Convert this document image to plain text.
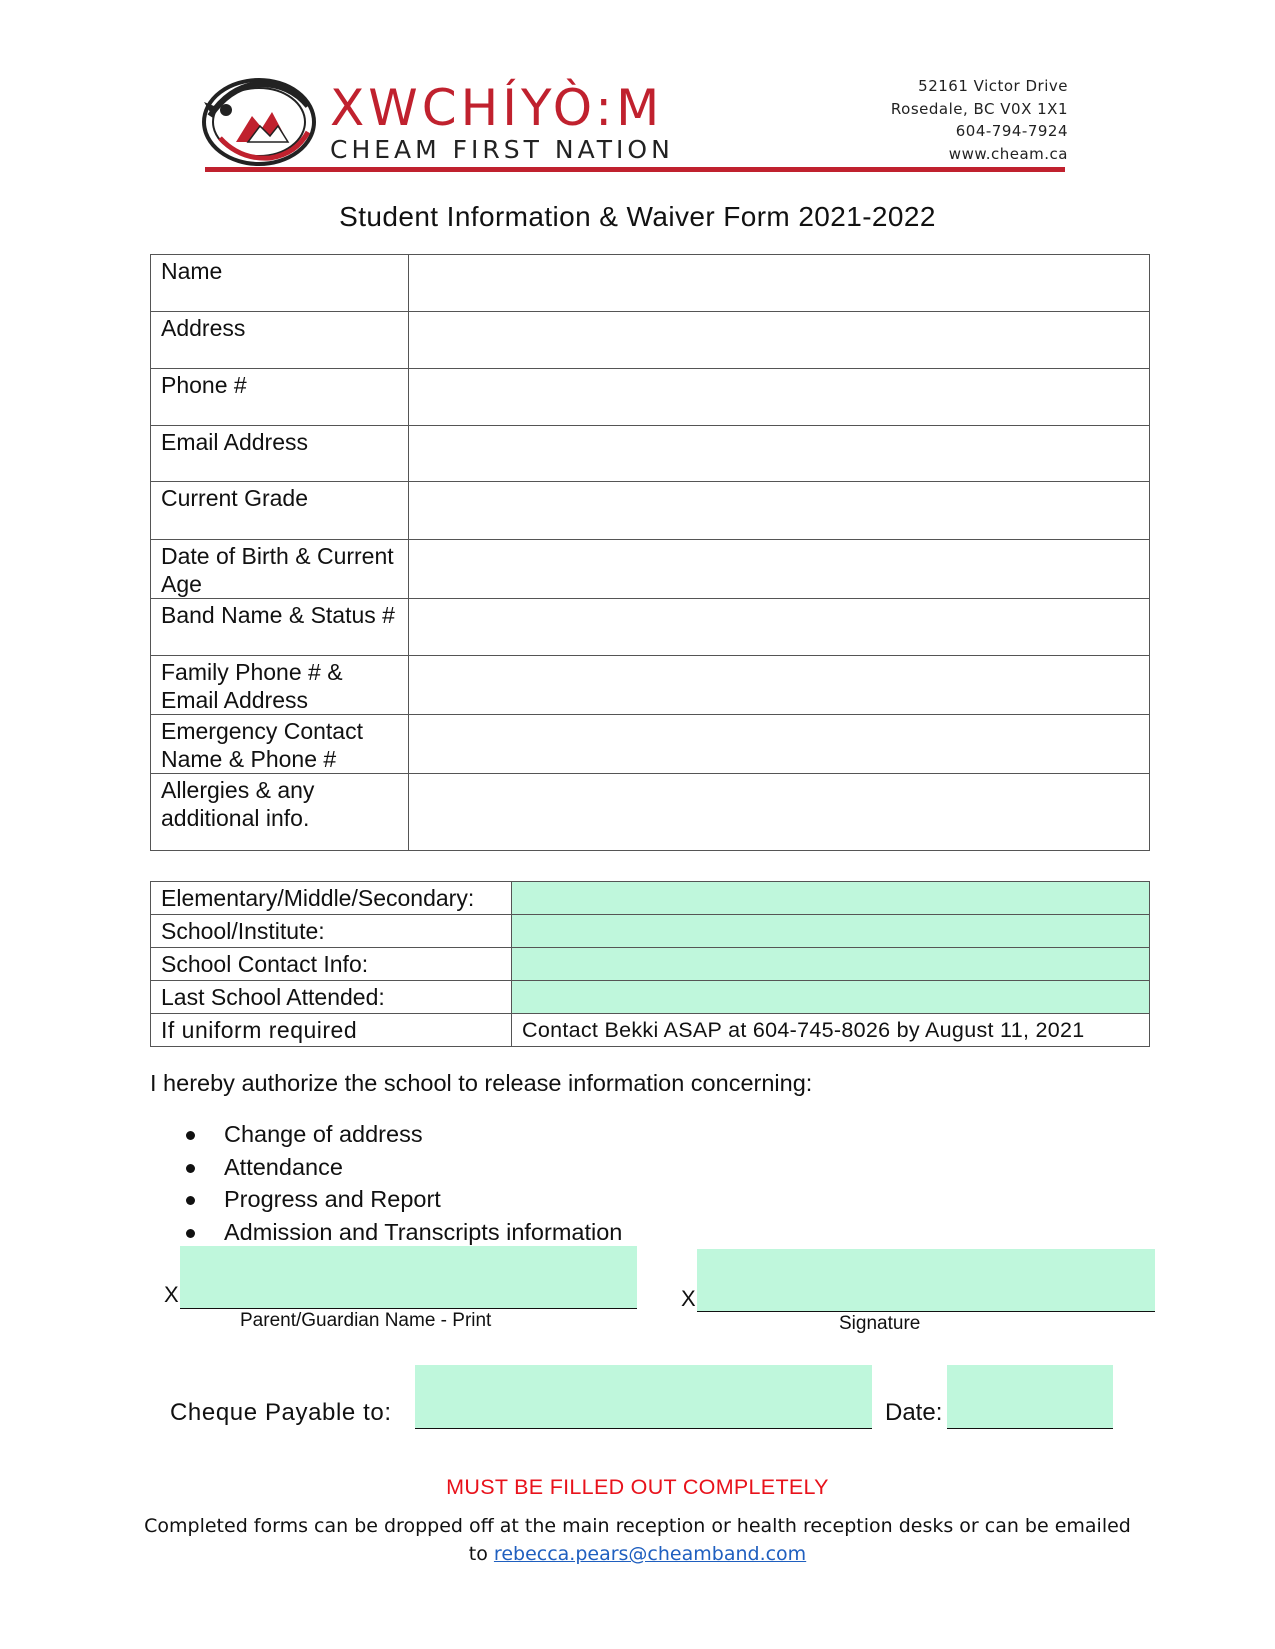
XWCHÍYÒ:M
CHEAM FIRST NATION
52161 Victor Drive
Rosedale, BC V0X 1X1
604-794-7924
www.cheam.ca
Student Information & Waiver Form 2021-2022
Name	

Address	

Phone #	

Email Address	

Current Grade	

Date of Birth & Current Age	

Band Name & Status #	

Family Phone # & Email Address	

Emergency Contact Name & Phone #	

Allergies & any additional info.	
Elementary/Middle/Secondary:	
School/Institute:	
School Contact Info:	
Last School Attended:	
If uniform required	Contact Bekki ASAP at 604-745-8026 by August 11, 2021
I hereby authorize the school to release information concerning:
Change of address
Attendance
Progress and Report
Admission and Transcripts information
X
Parent/Guardian Name - Print
X
Signature
Cheque Payable to:	Date:
MUST BE FILLED OUT COMPLETELY
Completed forms can be dropped off at the main reception or health reception desks or can be emailed
to rebecca.pears@cheamband.com
